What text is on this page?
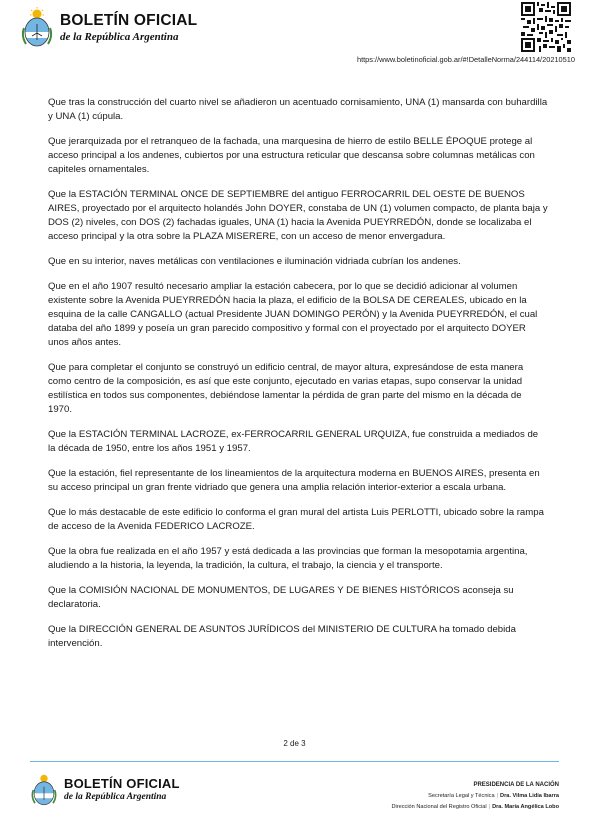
BOLETÍN OFICIAL
de la República Argentina
https://www.boletinoficial.gob.ar/#!DetalleNorma/244114/20210510

Que tras la construcción del cuarto nivel se añadieron un acentuado cornisamiento, UNA (1) mansarda con buhardilla y UNA (1) cúpula.

Que jerarquizada por el retranqueo de la fachada, una marquesina de hierro de estilo BELLE ÉPOQUE protege al acceso principal a los andenes, cubiertos por una estructura reticular que descansa sobre columnas metálicas con capiteles ornamentales.

Que la ESTACIÓN TERMINAL ONCE DE SEPTIEMBRE del antiguo FERROCARRIL DEL OESTE DE BUENOS AIRES, proyectado por el arquitecto holandés John DOYER, constaba de UN (1) volumen compacto, de planta baja y DOS (2) niveles, con DOS (2) fachadas iguales, UNA (1) hacia la Avenida PUEYRREDÓN, donde se localizaba el acceso principal y la otra sobre la PLAZA MISERERE, con un acceso de menor envergadura.

Que en su interior, naves metálicas con ventilaciones e iluminación vidriada cubrían los andenes.

Que en el año 1907 resultó necesario ampliar la estación cabecera, por lo que se decidió adicionar al volumen existente sobre la Avenida PUEYRREDÓN hacia la plaza, el edificio de la BOLSA DE CEREALES, ubicado en la esquina de la calle CANGALLO (actual Presidente JUAN DOMINGO PERÓN) y la Avenida PUEYRREDÓN, el cual databa del año 1899 y poseía un gran parecido compositivo y formal con el proyectado por el arquitecto DOYER unos años antes.

Que para completar el conjunto se construyó un edificio central, de mayor altura, expresándose de esta manera como centro de la composición, es así que este conjunto, ejecutado en varias etapas, supo conservar la unidad estilística en todos sus componentes, debiéndose lamentar la pérdida de gran parte del mismo en la década de 1970.

Que la ESTACIÓN TERMINAL LACROZE, ex-FERROCARRIL GENERAL URQUIZA, fue construida a mediados de la década de 1950, entre los años 1951 y 1957.

Que la estación, fiel representante de los lineamientos de la arquitectura moderna en BUENOS AIRES, presenta en su acceso principal un gran frente vidriado que genera una amplia relación interior-exterior a escala urbana.

Que lo más destacable de este edificio lo conforma el gran mural del artista Luis PERLOTTI, ubicado sobre la rampa de acceso de la Avenida FEDERICO LACROZE.

Que la obra fue realizada en el año 1957 y está dedicada a las provincias que forman la mesopotamia argentina, aludiendo a la historia, la leyenda, la tradición, la cultura, el trabajo, la ciencia y el transporte.

Que la COMISIÓN NACIONAL DE MONUMENTOS, DE LUGARES Y DE BIENES HISTÓRICOS aconseja su declaratoria.

Que la DIRECCIÓN GENERAL DE ASUNTOS JURÍDICOS del MINISTERIO DE CULTURA ha tomado debida intervención.

2 de 3
BOLETÍN OFICIAL
de la República Argentina
PRESIDENCIA DE LA NACIÓN
Secretaría Legal y Técnica | Dra. Vilma Lidia Ibarra
Dirección Nacional del Registro Oficial | Dra. María Angélica Lobo
